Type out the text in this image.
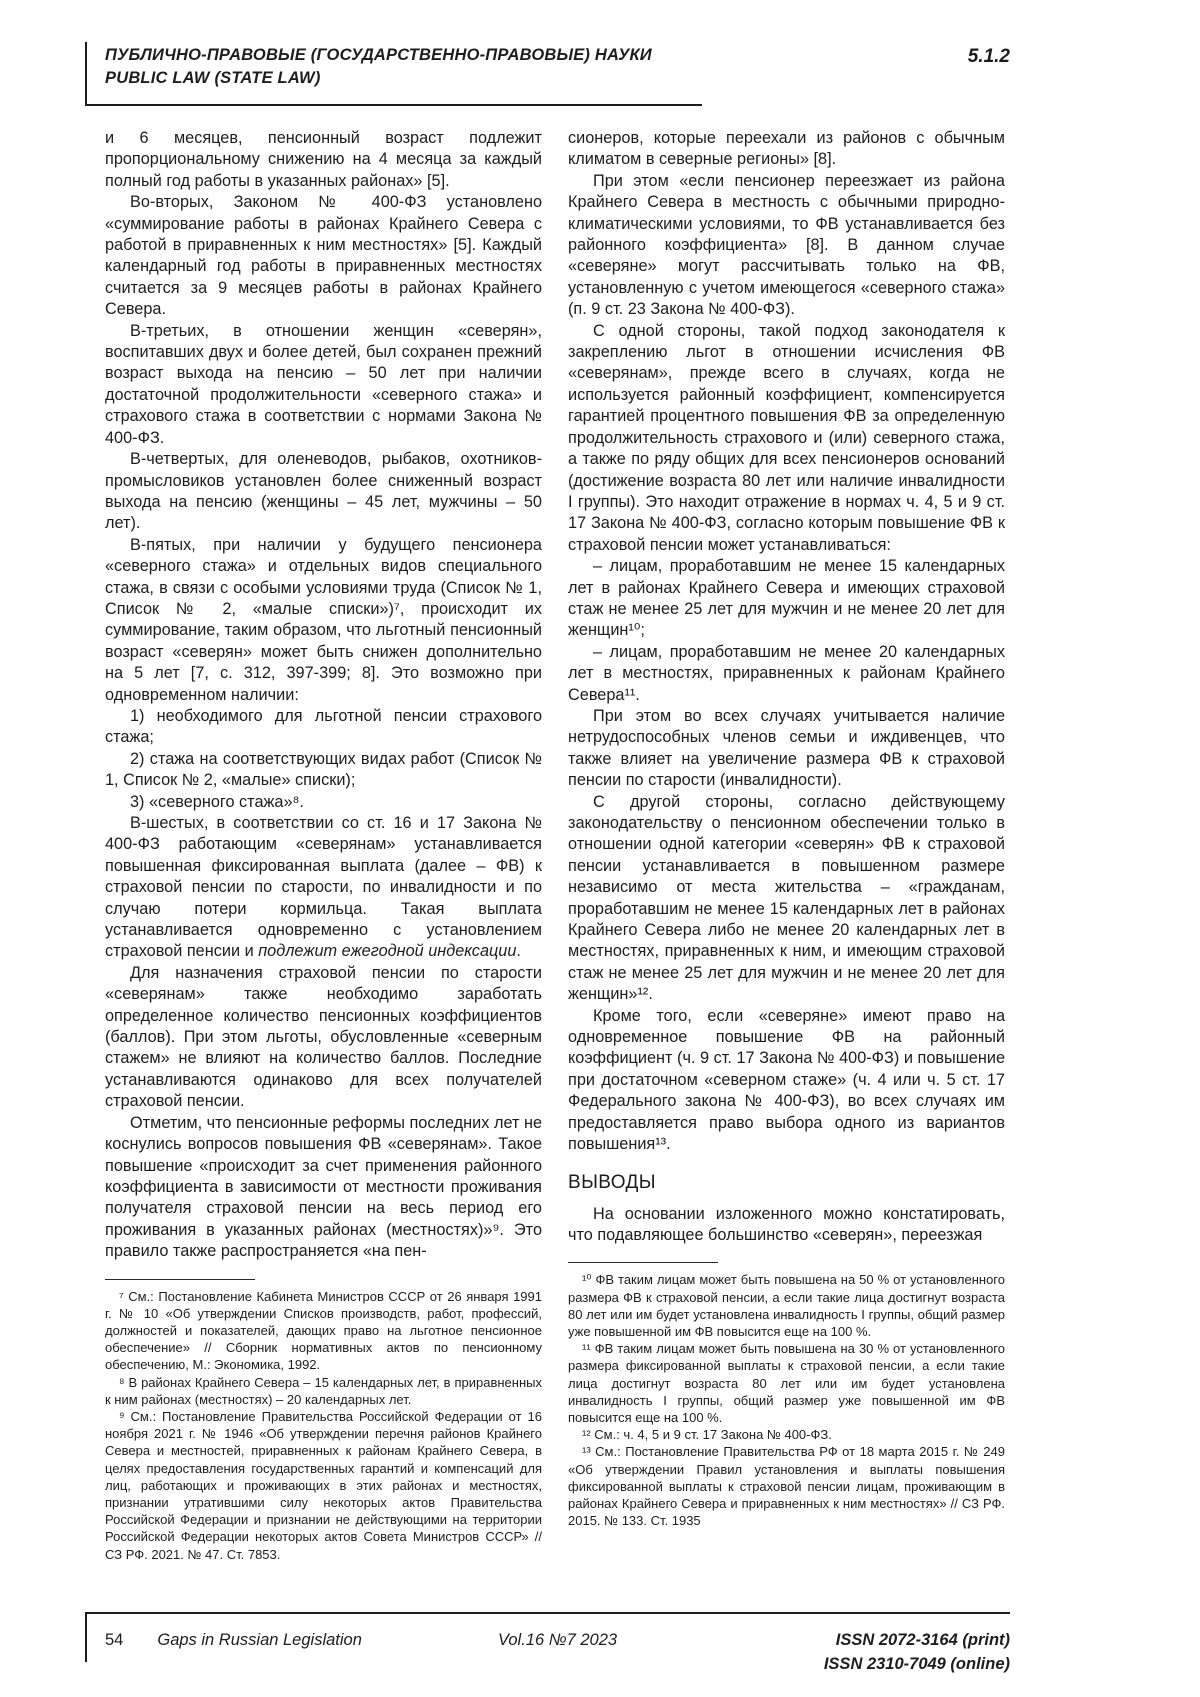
ПУБЛИЧНО-ПРАВОВЫЕ (ГОСУДАРСТВЕННО-ПРАВОВЫЕ) НАУКИ
PUBLIC LAW (STATE LAW)
5.1.2

и 6 месяцев, пенсионный возраст подлежит пропорциональному снижению на 4 месяца за каждый полный год работы в указанных районах» [5].

Во-вторых, Законом № 400-ФЗ установлено «суммирование работы в районах Крайнего Севера с работой в приравненных к ним местностях» [5]. Каждый календарный год работы в приравненных местностях считается за 9 месяцев работы в районах Крайнего Севера.

В-третьих, в отношении женщин «северян», воспитавших двух и более детей, был сохранен прежний возраст выхода на пенсию – 50 лет при наличии достаточной продолжительности «северного стажа» и страхового стажа в соответствии с нормами Закона № 400-ФЗ.

В-четвертых, для оленеводов, рыбаков, охотников-промысловиков установлен более сниженный возраст выхода на пенсию (женщины – 45 лет, мужчины – 50 лет).

В-пятых, при наличии у будущего пенсионера «северного стажа» и отдельных видов специального стажа, в связи с особыми условиями труда (Список № 1, Список № 2, «малые списки»)⁷, происходит их суммирование, таким образом, что льготный пенсионный возраст «северян» может быть снижен дополнительно на 5 лет [7, с. 312, 397-399; 8]. Это возможно при одновременном наличии:

1) необходимого для льготной пенсии страхового стажа;

2) стажа на соответствующих видах работ (Список № 1, Список № 2, «малые» списки);

3) «северного стажа»⁸.

В-шестых, в соответствии со ст. 16 и 17 Закона № 400-ФЗ работающим «северянам» устанавливается повышенная фиксированная выплата (далее – ФВ) к страховой пенсии по старости, по инвалидности и по случаю потери кормильца. Такая выплата устанавливается одновременно с установлением страховой пенсии и подлежит ежегодной индексации.

Для назначения страховой пенсии по старости «северянам» также необходимо заработать определенное количество пенсионных коэффициентов (баллов). При этом льготы, обусловленные «северным стажем» не влияют на количество баллов. Последние устанавливаются одинаково для всех получателей страховой пенсии.

Отметим, что пенсионные реформы последних лет не коснулись вопросов повышения ФВ «северянам». Такое повышение «происходит за счет применения районного коэффициента в зависимости от местности проживания получателя страховой пенсии на весь период его проживания в указанных районах (местностях)»⁹. Это правило также распространяется «на пен-

⁷ См.: Постановление Кабинета Министров СССР от 26 января 1991 г. № 10 «Об утверждении Списков производств, работ, профессий, должностей и показателей, дающих право на льготное пенсионное обеспечение» // Сборник нормативных актов по пенсионному обеспечению, М.: Экономика, 1992.

⁸ В районах Крайнего Севера – 15 календарных лет, в приравненных к ним районах (местностях) – 20 календарных лет.

⁹ См.: Постановление Правительства Российской Федерации от 16 ноября 2021 г. № 1946 «Об утверждении перечня районов Крайнего Севера и местностей, приравненных к районам Крайнего Севера, в целях предоставления государственных гарантий и компенсаций для лиц, работающих и проживающих в этих районах и местностях, признании утратившими силу некоторых актов Правительства Российской Федерации и признании не действующими на территории Российской Федерации некоторых актов Совета Министров СССР» // СЗ РФ. 2021. № 47. Ст. 7853.

сионеров, которые переехали из районов с обычным климатом в северные регионы» [8].

При этом «если пенсионер переезжает из района Крайнего Севера в местность с обычными природно-климатическими условиями, то ФВ устанавливается без районного коэффициента» [8]. В данном случае «северяне» могут рассчитывать только на ФВ, установленную с учетом имеющегося «северного стажа» (п. 9 ст. 23 Закона № 400-ФЗ).

С одной стороны, такой подход законодателя к закреплению льгот в отношении исчисления ФВ «северянам», прежде всего в случаях, когда не используется районный коэффициент, компенсируется гарантией процентного повышения ФВ за определенную продолжительность страхового и (или) северного стажа, а также по ряду общих для всех пенсионеров оснований (достижение возраста 80 лет или наличие инвалидности I группы). Это находит отражение в нормах ч. 4, 5 и 9 ст. 17 Закона № 400-ФЗ, согласно которым повышение ФВ к страховой пенсии может устанавливаться:

– лицам, проработавшим не менее 15 календарных лет в районах Крайнего Севера и имеющих страховой стаж не менее 25 лет для мужчин и не менее 20 лет для женщин¹⁰;

– лицам, проработавшим не менее 20 календарных лет в местностях, приравненных к районам Крайнего Севера¹¹.

При этом во всех случаях учитывается наличие нетрудоспособных членов семьи и иждивенцев, что также влияет на увеличение размера ФВ к страховой пенсии по старости (инвалидности).

С другой стороны, согласно действующему законодательству о пенсионном обеспечении только в отношении одной категории «северян» ФВ к страховой пенсии устанавливается в повышенном размере независимо от места жительства – «гражданам, проработавшим не менее 15 календарных лет в районах Крайнего Севера либо не менее 20 календарных лет в местностях, приравненных к ним, и имеющим страховой стаж не менее 25 лет для мужчин и не менее 20 лет для женщин»¹².

Кроме того, если «северяне» имеют право на одновременное повышение ФВ на районный коэффициент (ч. 9 ст. 17 Закона № 400-ФЗ) и повышение при достаточном «северном стаже» (ч. 4 или ч. 5 ст. 17 Федерального закона № 400-ФЗ), во всех случаях им предоставляется право выбора одного из вариантов повышения¹³.

ВЫВОДЫ

На основании изложенного можно констатировать, что подавляющее большинство «северян», переезжая

¹⁰ ФВ таким лицам может быть повышена на 50 % от установленного размера ФВ к страховой пенсии, а если такие лица достигнут возраста 80 лет или им будет установлена инвалидность I группы, общий размер уже повышенной им ФВ повысится еще на 100 %.

¹¹ ФВ таким лицам может быть повышена на 30 % от установленного размера фиксированной выплаты к страховой пенсии, а если такие лица достигнут возраста 80 лет или им будет установлена инвалидность I группы, общий размер уже повышенной им ФВ повысится еще на 100 %.

¹² См.: ч. 4, 5 и 9 ст. 17 Закона № 400-ФЗ.

¹³ См.: Постановление Правительства РФ от 18 марта 2015 г. № 249 «Об утверждении Правил установления и выплаты повышения фиксированной выплаты к страховой пенсии лицам, проживающим в районах Крайнего Севера и приравненных к ним местностях» // СЗ РФ. 2015. № 133. Ст. 1935

54 Gaps in Russian Legislation	Vol.16 №7 2023	ISSN 2072-3164 (print)
ISSN 2310-7049 (online)
